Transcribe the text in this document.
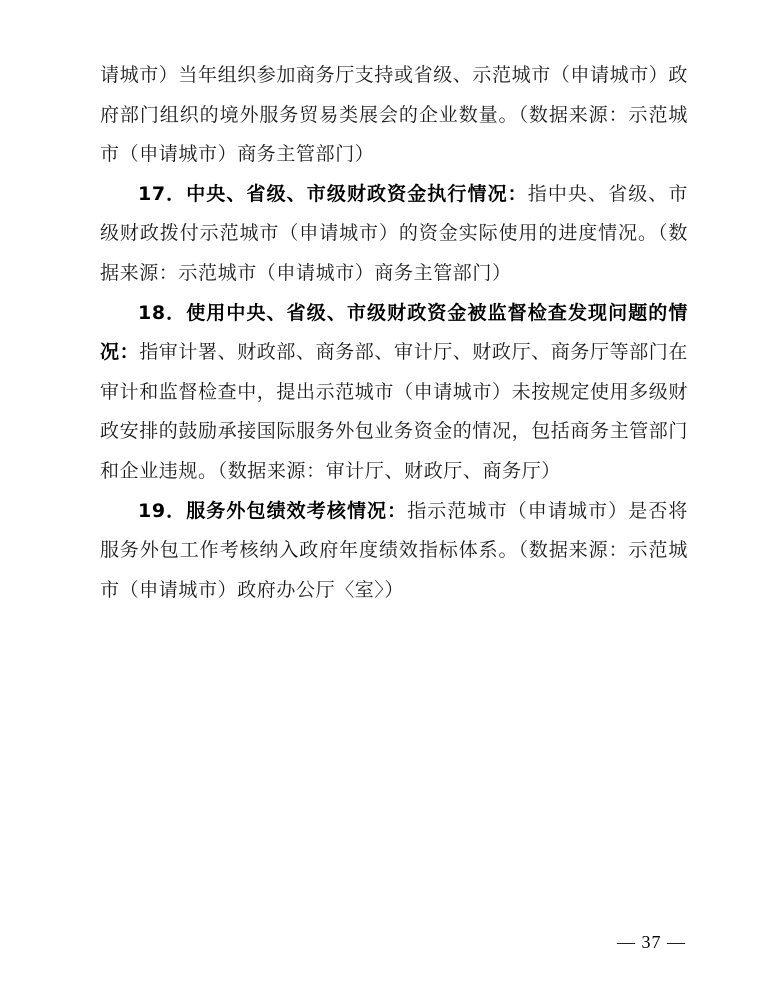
请城市）当年组织参加商务厅支持或省级、示范城市（申请城市）政府部门组织的境外服务贸易类展会的企业数量。（数据来源：示范城市（申请城市）商务主管部门）

17．中央、省级、市级财政资金执行情况：指中央、省级、市级财政拨付示范城市（申请城市）的资金实际使用的进度情况。（数据来源：示范城市（申请城市）商务主管部门）

18．使用中央、省级、市级财政资金被监督检查发现问题的情况：指审计署、财政部、商务部、审计厅、财政厅、商务厅等部门在审计和监督检查中，提出示范城市（申请城市）未按规定使用多级财政安排的鼓励承接国际服务外包业务资金的情况，包括商务主管部门和企业违规。（数据来源：审计厅、财政厅、商务厅）

19．服务外包绩效考核情况：指示范城市（申请城市）是否将服务外包工作考核纳入政府年度绩效指标体系。（数据来源：示范城市（申请城市）政府办公厅〈室〉）

— 37 —
